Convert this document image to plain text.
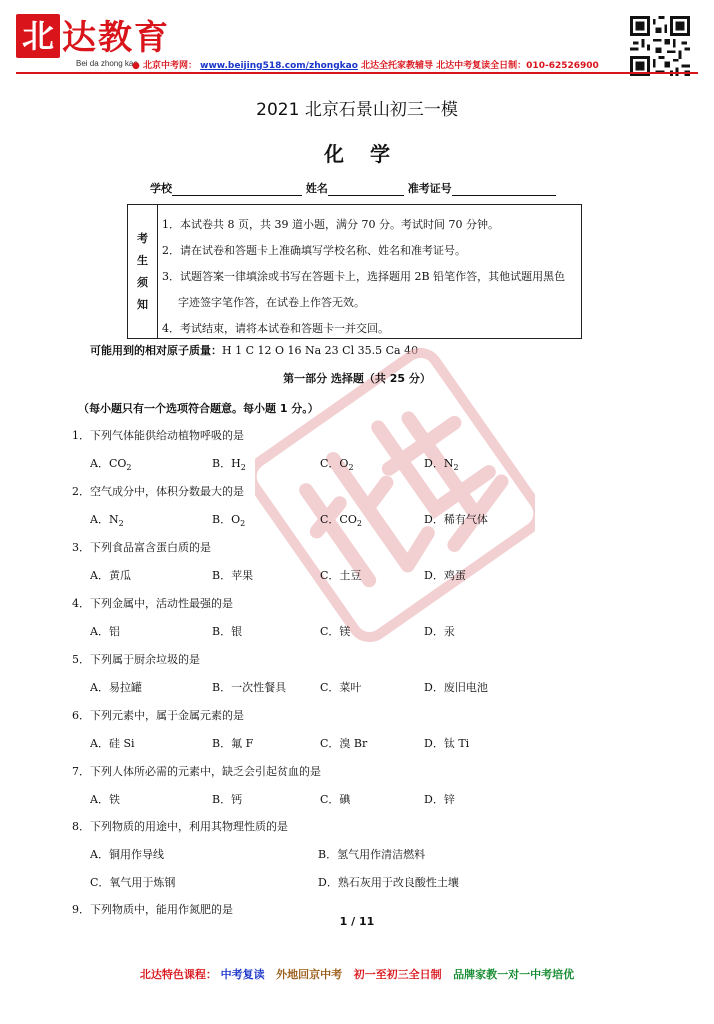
北 达教育
Bei da zhong kao
● 北京中考网： www.beijing518.com/zhongkao 北达全托家教辅导 北达中考复读全日制：010-62526900
2021 北京石景山初三一模
化学
学校	姓名	准考证号
考
生
须
知
1．本试卷共 8 页，共 39 道小题，满分 70 分。考试时间 70 分钟。
2．请在试卷和答题卡上准确填写学校名称、姓名和准考证号。
3．试题答案一律填涂或书写在答题卡上，选择题用 2B 铅笔作答，其他试题用黑色
字迹签字笔作答，在试卷上作答无效。
4．考试结束，请将本试卷和答题卡一并交回。
可能用到的相对原子质量：H 1 C 12 O 16 Na 23 Cl 35.5 Ca 40
第一部分 选择题（共 25 分）
（每小题只有一个选项符合题意。每小题 1 分。）
1．下列气体能供给动植物呼吸的是
A．$CO_2$	B．$H_2$	C．$O_2$	D．$N_2$
2．空气成分中，体积分数最大的是
A．$N_2$	B．$O_2$	C．$CO_2$	D．稀有气体
3．下列食品富含蛋白质的是
A．黄瓜	B．苹果	C．土豆	D．鸡蛋
4．下列金属中，活动性最强的是
A．铝	B．银	C．镁	D．汞
5．下列属于厨余垃圾的是
A．易拉罐	B．一次性餐具	C．菜叶	D．废旧电池
6．下列元素中，属于金属元素的是
A．硅 Si	B．氟 F	C．溴 Br	D．钛 Ti
7．下列人体所必需的元素中，缺乏会引起贫血的是
A．铁	B．钙	C．碘	D．锌
8．下列物质的用途中，利用其物理性质的是
A．铜用作导线	B．氢气用作清洁燃料
C．氧气用于炼钢	D．熟石灰用于改良酸性土壤
9．下列物质中，能用作氮肥的是
1 / 11
北达特色课程： 中考复读 外地回京中考 初一至初三全日制 品牌家教一对一中考培优
